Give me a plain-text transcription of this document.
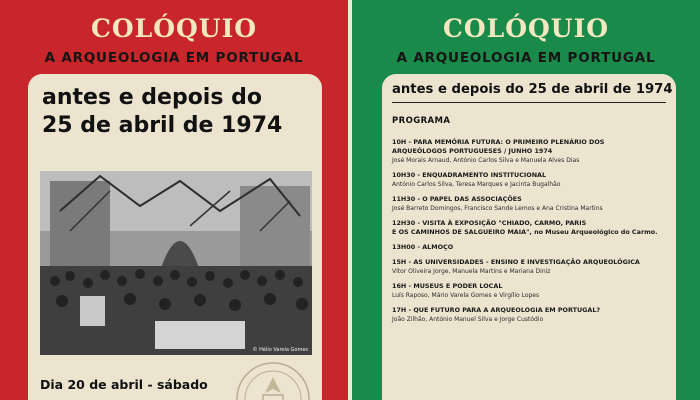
COLÓQUIO
A ARQUEOLOGIA EM PORTUGAL
antes e depois do
25 de abril de 1974
© Hélio Varela Gomes
Dia 20 de abril - sábado
COLÓQUIO
A ARQUEOLOGIA EM PORTUGAL
antes e depois do 25 de abril de 1974
PROGRAMA
10H - PARA MEMÓRIA FUTURA: O PRIMEIRO PLENÁRIO DOS
ARQUEÓLOGOS PORTUGUESES / JUNHO 1974
José Morais Arnaud, António Carlos Silva e Manuela Alves Dias
10H30 - ENQUADRAMENTO INSTITUCIONAL
António Carlos Silva, Teresa Marques e Jacinta Bugalhão
11H30 - O PAPEL DAS ASSOCIAÇÕES
José Barreto Domingos, Francisco Sande Lemos e Ana Cristina Martins
12H30 - VISITA À EXPOSIÇÃO "CHIADO, CARMO, PARIS
E OS CAMINHOS DE SALGUEIRO MAIA", no Museu Arqueológico do Carmo.
13H00 - ALMOÇO
15H - AS UNIVERSIDADES - ENSINO E INVESTIGAÇÃO ARQUEOLÓGICA
Vítor Oliveira Jorge, Manuela Martins e Mariana Diniz
16H - MUSEUS E PODER LOCAL
Luís Raposo, Mário Varela Gomes e Virgílio Lopes
17H - QUE FUTURO PARA A ARQUEOLOGIA EM PORTUGAL?
João Zilhão, António Manuel Silva e Jorge Custódio
